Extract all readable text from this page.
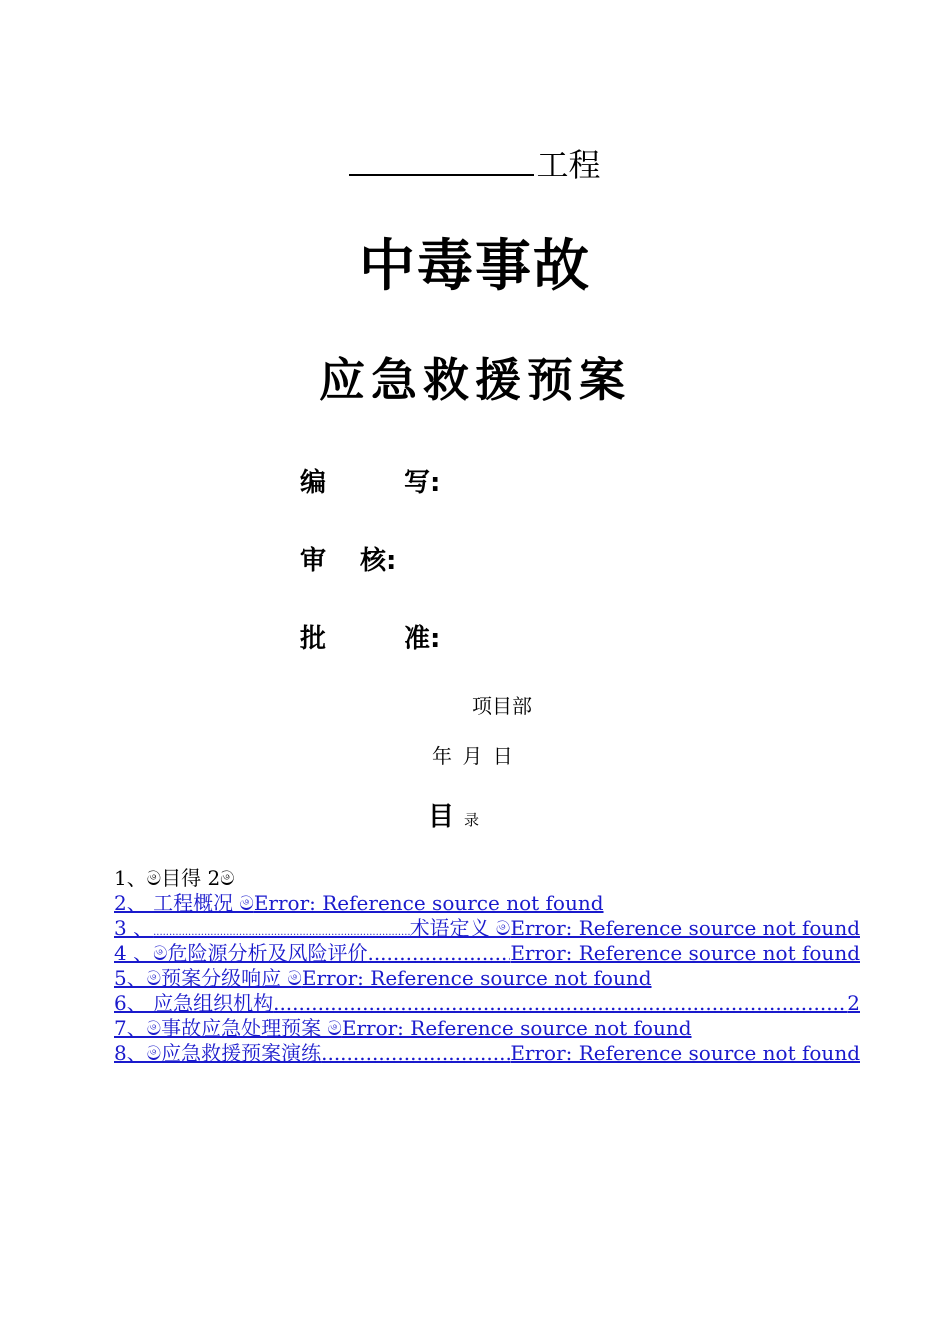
工程
中毒事故
应急救援预案
编	写:
审 核:
批	准:
项目部
年 月 日
目录
1、ම目得 2ම
2、 工程概况 මError: Reference source not found
3 、 .....	术语定义 ම Error: Reference source not found
4 、ම危险源分析及风险评价 .....	Error: Reference source not found
5、ම预案分级响应 මError: Reference source not found
6、 应急组织机构 .....	2
7、ම事故应急处理预案 මError: Reference source not found
8、ම应急救援预案演练 .....	Error: Reference source not found
